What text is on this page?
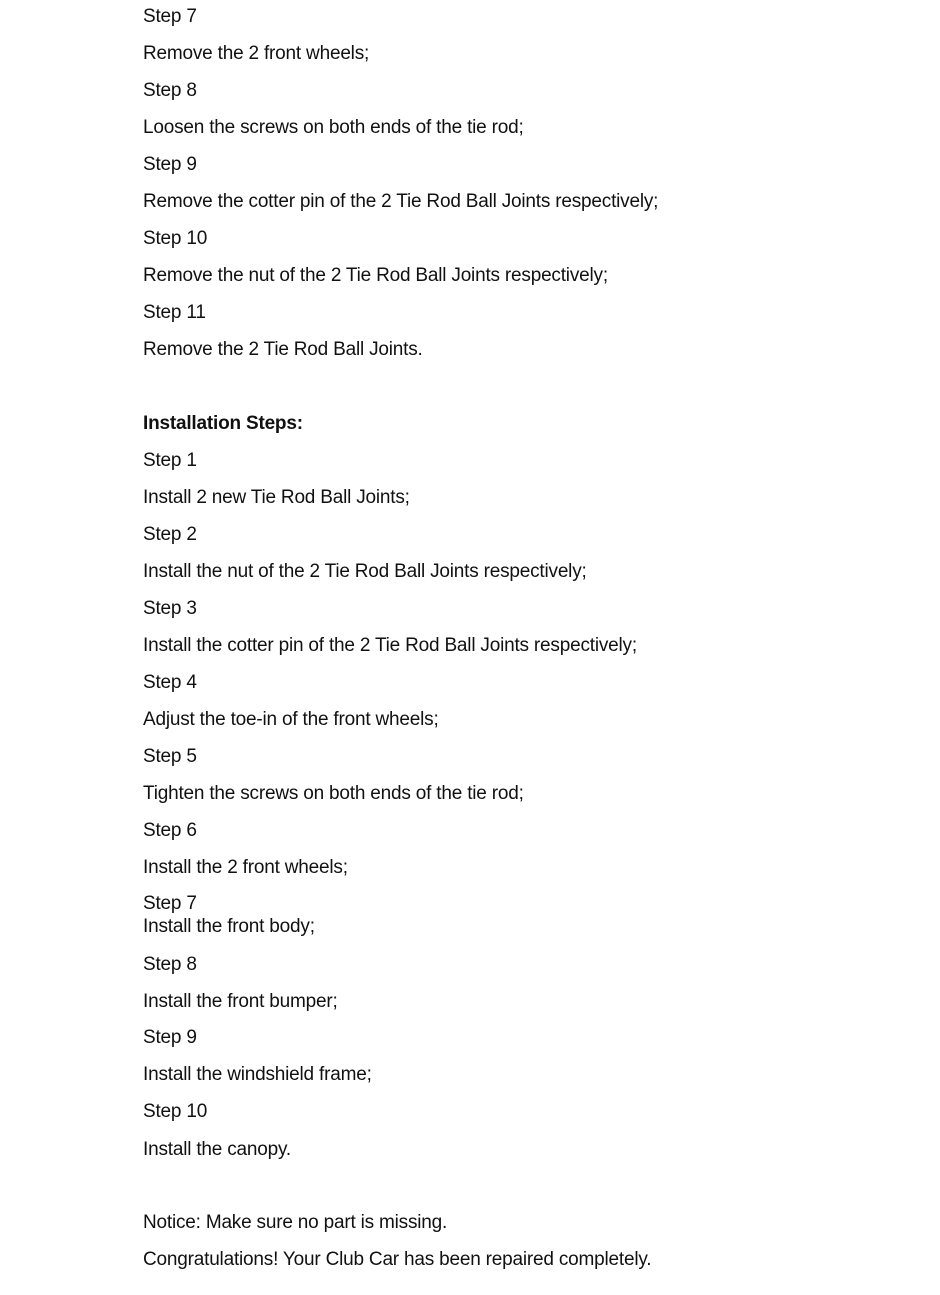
Step 7
Remove the 2 front wheels;
Step 8
Loosen the screws on both ends of the tie rod;
Step 9
Remove the cotter pin of the 2 Tie Rod Ball Joints respectively;
Step 10
Remove the nut of the 2 Tie Rod Ball Joints respectively;
Step 11
Remove the 2 Tie Rod Ball Joints.
Installation Steps:
Step 1
Install 2 new Tie Rod Ball Joints;
Step 2
Install the nut of the 2 Tie Rod Ball Joints respectively;
Step 3
Install the cotter pin of the 2 Tie Rod Ball Joints respectively;
Step 4
Adjust the toe-in of the front wheels;
Step 5
Tighten the screws on both ends of the tie rod;
Step 6
Install the 2 front wheels;
Step 7
Install the front body;
Step 8
Install the front bumper;
Step 9
Install the windshield frame;
Step 10
Install the canopy.
Notice: Make sure no part is missing.
Congratulations! Your Club Car has been repaired completely.
